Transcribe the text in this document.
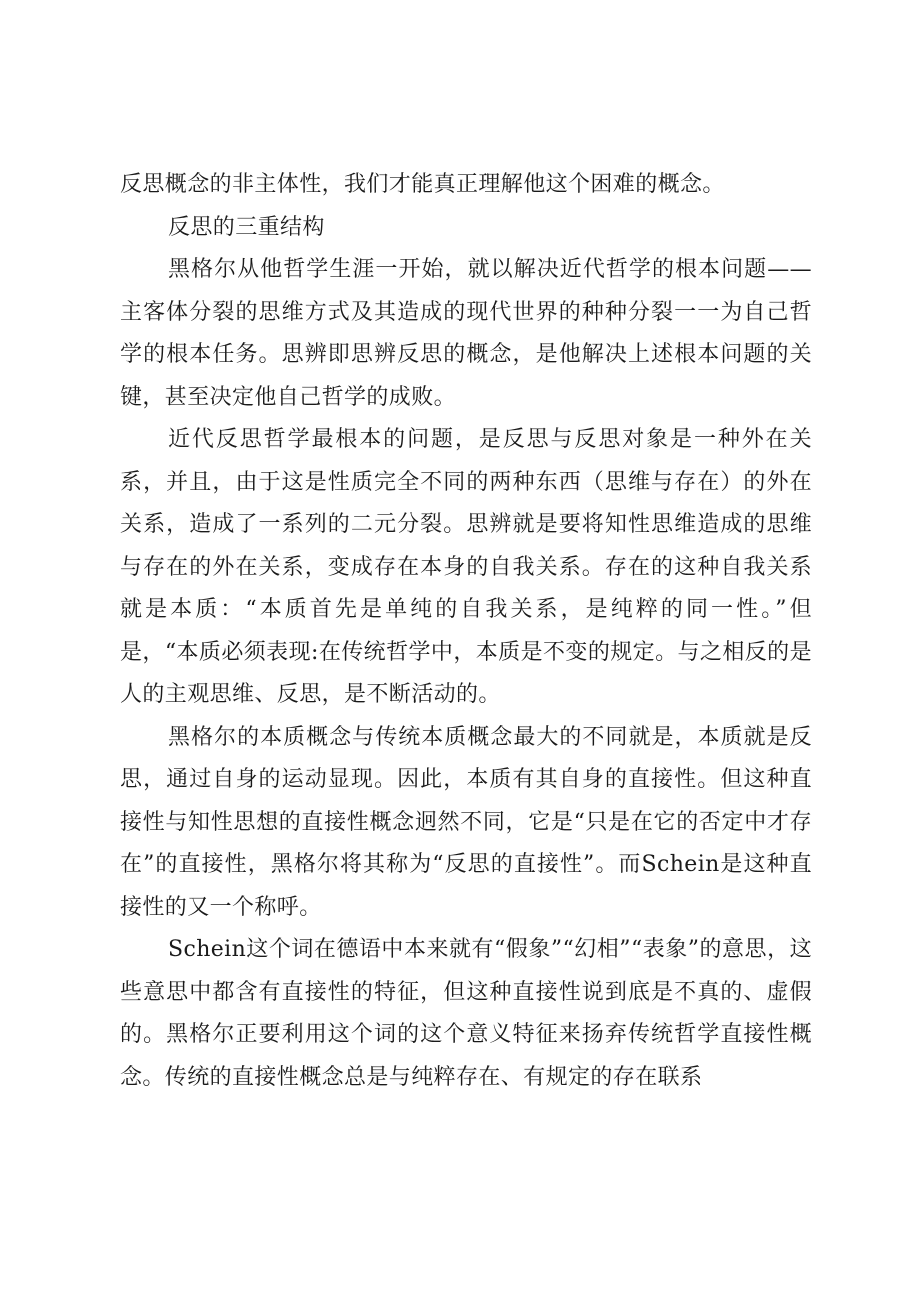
反思概念的非主体性，我们才能真正理解他这个困难的概念。

反思的三重结构

黑格尔从他哲学生涯一开始，就以解决近代哲学的根本问题——主客体分裂的思维方式及其造成的现代世界的种种分裂一一为自己哲学的根本任务。思辨即思辨反思的概念，是他解决上述根本问题的关键，甚至决定他自己哲学的成败。

近代反思哲学最根本的问题，是反思与反思对象是一种外在关系，并且，由于这是性质完全不同的两种东西（思维与存在）的外在关系，造成了一系列的二元分裂。思辨就是要将知性思维造成的思维与存在的外在关系，变成存在本身的自我关系。存在的这种自我关系就是本质：“本质首先是单纯的自我关系，是纯粹的同一性。”但是，“本质必须表现:在传统哲学中，本质是不变的规定。与之相反的是人的主观思维、反思，是不断活动的。

黑格尔的本质概念与传统本质概念最大的不同就是，本质就是反思，通过自身的运动显现。因此，本质有其自身的直接性。但这种直接性与知性思想的直接性概念迥然不同，它是“只是在它的否定中才存在”的直接性，黑格尔将其称为“反思的直接性”。而Schein是这种直接性的又一个称呼。

Schein这个词在德语中本来就有“假象”“幻相”“表象”的意思，这些意思中都含有直接性的特征，但这种直接性说到底是不真的、虚假的。黑格尔正要利用这个词的这个意义特征来扬弃传统哲学直接性概念。传统的直接性概念总是与纯粹存在、有规定的存在联系
